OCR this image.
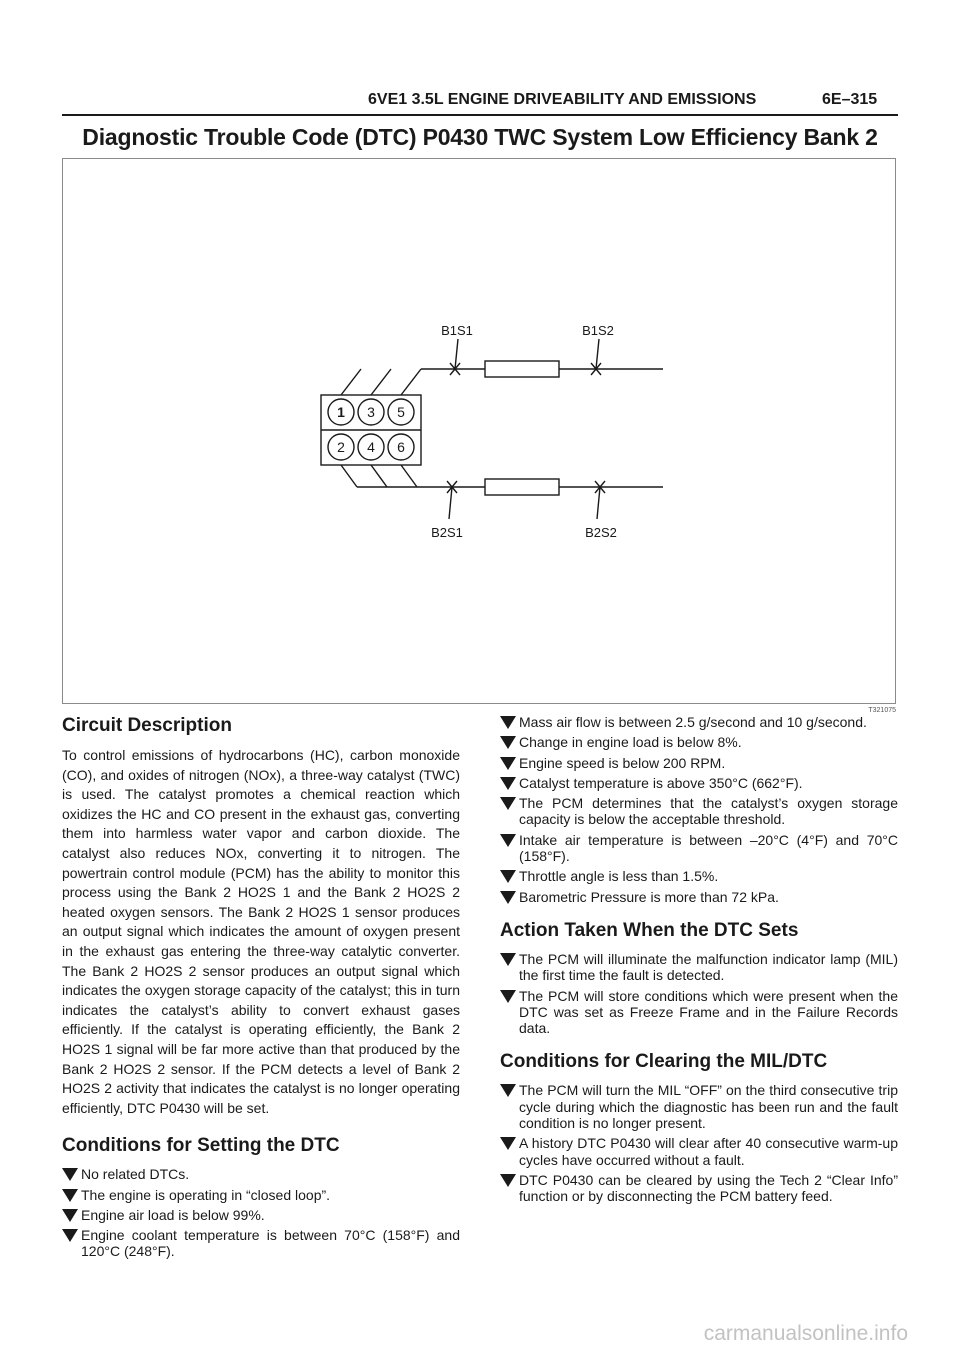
6VE1 3.5L ENGINE DRIVEABILITY AND EMISSIONS	6E–315
Diagnostic Trouble Code (DTC) P0430 TWC System Low Efficiency Bank 2
1 3 5
2 4 6
B1S1	B1S2
B2S1	B2S2
T321075
Circuit Description

To control emissions of hydrocarbons (HC), carbon monoxide (CO), and oxides of nitrogen (NOx), a three-way catalyst (TWC) is used. The catalyst promotes a chemical reaction which oxidizes the HC and CO present in the exhaust gas, converting them into harmless water vapor and carbon dioxide. The catalyst also reduces NOx, converting it to nitrogen. The powertrain control module (PCM) has the ability to monitor this process using the Bank 2 HO2S 1 and the Bank 2 HO2S 2 heated oxygen sensors. The Bank 2 HO2S 1 sensor produces an output signal which indicates the amount of oxygen present in the exhaust gas entering the three-way catalytic converter. The Bank 2 HO2S 2 sensor produces an output signal which indicates the oxygen storage capacity of the catalyst; this in turn indicates the catalyst’s ability to convert exhaust gases efficiently. If the catalyst is operating efficiently, the Bank 2 HO2S 1 signal will be far more active than that produced by the Bank 2 HO2S 2 sensor. If the PCM detects a level of Bank 2 HO2S 2 activity that indicates the catalyst is no longer operating efficiently, DTC P0430 will be set.

Conditions for Setting the DTC
No related DTCs.
The engine is operating in “closed loop”.
Engine air load is below 99%.
Engine coolant temperature is between 70°C (158°F) and 120°C (248°F).
Mass air flow is between 2.5 g/second and 10 g/second.
Change in engine load is below 8%.
Engine speed is below 200 RPM.
Catalyst temperature is above 350°C (662°F).
The PCM determines that the catalyst’s oxygen storage capacity is below the acceptable threshold.
Intake air temperature is between –20°C (4°F) and 70°C (158°F).
Throttle angle is less than 1.5%.
Barometric Pressure is more than 72 kPa.
Action Taken When the DTC Sets
The PCM will illuminate the malfunction indicator lamp (MIL) the first time the fault is detected.
The PCM will store conditions which were present when the DTC was set as Freeze Frame and in the Failure Records data.
Conditions for Clearing the MIL/DTC
The PCM will turn the MIL “OFF” on the third consecutive trip cycle during which the diagnostic has been run and the fault condition is no longer present.
A history DTC P0430 will clear after 40 consecutive warm-up cycles have occurred without a fault.
DTC P0430 can be cleared by using the Tech 2 “Clear Info” function or by disconnecting the PCM battery feed.
carmanualsonline.info
